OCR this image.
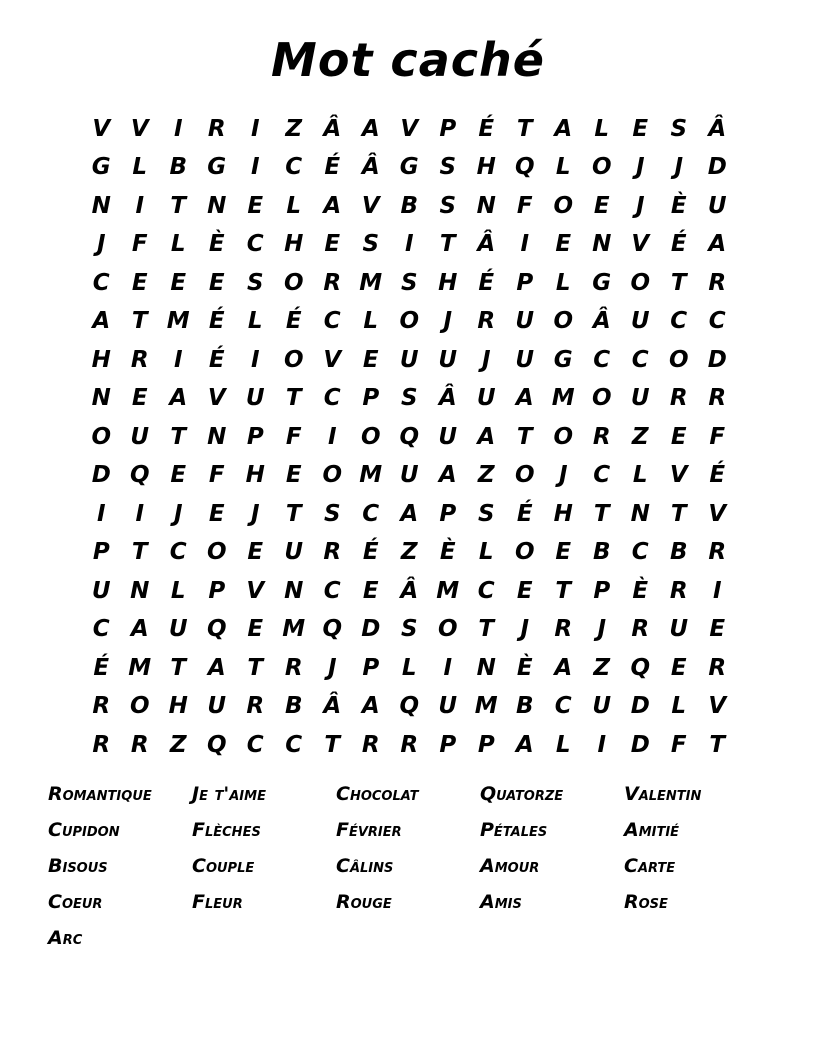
Mot caché
V V	I	R	I	Z Â A V P É T A L	E S Â
G L B G	I	C É Â G S H Q L O	J	J	D
N	I	T N E	L A V B S N F O E	J	È U
J	F	L	È C H E S	I	T Â	I	E N V É A
C E E E S O R M S H É P L G O T R
A T M É	L	É C L O	J	R U O Â U C C
H R	I	É	I	O V E U U	J	U G C C O D
N E A V U T C P S Â U A M O U R R
O U T N P F	I	O Q U A T O R Z E F
D Q E F H E O M U A Z O	J	C L V É
I	I	J	E	J	T S C A P S É H T N T V
P T C O E U R É Z È	L O E B C B R
U N L P V N C E Â M C E T P È R	I
C A U Q E M Q D S O T	J	R	J	R U E
É M T A T R	J	P L	I	N È A Z Q E R
R O H U R B Â A Q U M B C U D L V
R R Z Q C C T R R P P A L	I	D F T
Romantique	Je t'aime	Chocolat	Quatorze	Valentin
Cupidon	Flèches	Février	Pétales	Amitié
Bisous	Couple	Câlins	Amour	Carte
Coeur	Fleur	Rouge	Amis	Rose
Arc
